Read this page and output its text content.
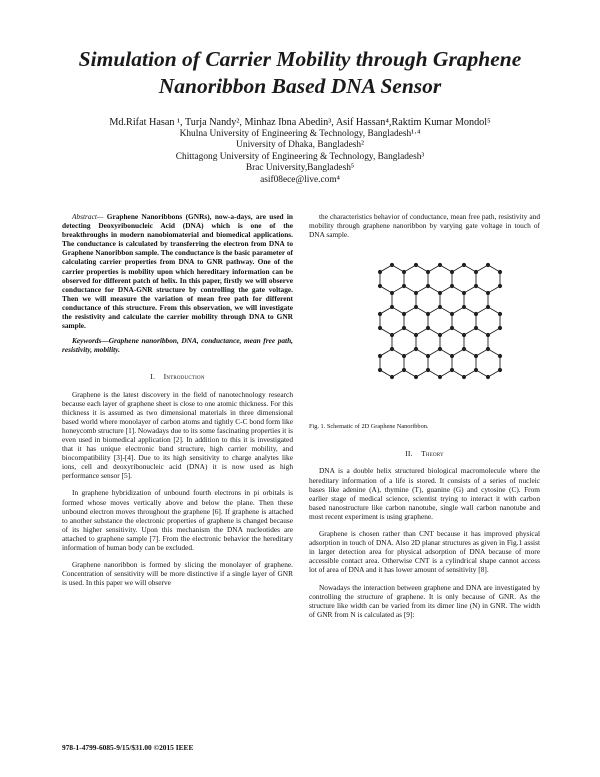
Simulation of Carrier Mobility through Graphene
Nanoribbon Based DNA Sensor
Md.Rifat Hasan ¹, Turja Nandy², Minhaz Ibna Abedin³, Asif Hassan⁴,Raktim Kumar Mondol⁵
Khulna University of Engineering & Technology, Bangladesh¹·⁴
University of Dhaka, Bangladesh²
Chittagong University of Engineering & Technology, Bangladesh³
Brac University,Bangladesh⁵
asif08ece@live.com⁴

Abstract— Graphene Nanoribbons (GNRs), now-a-days, are used in detecting Deoxyribonucleic Acid (DNA) which is one of the breakthroughs in modern nanobiomaterial and biomedical applications. The conductance is calculated by transferring the electron from DNA to Graphene Nanoribbon sample. The conductance is the basic parameter of calculating carrier properties from DNA to GNR pathway. One of the carrier properties is mobility upon which hereditary information can be observed for different patch of helix. In this paper, firstly we will observe conductance for DNA-GNR structure by controlling the gate voltage. Then we will measure the variation of mean free path for different conductance of this structure. From this observation, we will investigate the resistivity and calculate the carrier mobility through DNA to GNR sample.

Keywords—Graphene nanoribbon, DNA, conductance, mean free path, resistivity, mobility.

I. Introduction

Graphene is the latest discovery in the field of nanotechnology research because each layer of graphene sheet is close to one atomic thickness. For this thickness it is assumed as two dimensional materials in three dimensional based world where monolayer of carbon atoms and tightly C-C bond form like honeycomb structure [1]. Nowadays due to its some fascinating properties it is even used in biomedical application [2]. In addition to this it is investigated that it has unique electronic band structure, high carrier mobility, and biocompatibility [3]-[4]. Due to its high sensitivity to charge analytes like ions, cell and deoxyribonucleic acid (DNA) it is now used as high performance sensor [5].

In graphene hybridization of unbound fourth electrons in pi orbitals is formed whose moves vertically above and below the plane. Then these unbound electron moves throughout the graphene [6]. If graphene is attached to another substance the electronic properties of graphene is changed because of its higher sensitivity. Upon this mechanism the DNA nucleotides are attached to graphene sample [7]. From the electronic behavior the hereditary information of human body can be excluded.

Graphene nanoribbon is formed by slicing the monolayer of graphene. Concentration of sensitivity will be more distinctive if a single layer of GNR is used. In this paper we will observe

the characteristics behavior of conductance, mean free path, resistivity and mobility through graphene nanoribbon by varying gate voltage in touch of DNA sample.

Fig. 1. Schematic of 2D Graphene Nanoribbon.
II. Theory

DNA is a double helix structured biological macromolecule where the hereditary information of a life is stored. It consists of a series of nucleic bases like adenine (A), thymine (T), guanine (G) and cytosine (C). From earlier stage of medical science, scientist trying to interact it with carbon based nanostructure like carbon nanotube, single wall carbon nanotube and most recent experiment is using graphene.

Graphene is chosen rather than CNT because it has improved physical adsorption in touch of DNA. Also 2D planar structures as given in Fig.1 assist in larger detection area for physical adsorption of DNA because of more accessible contact area. Otherwise CNT is a cylindrical shape cannot access lot of area of DNA and it has lower amount of sensitivity [8].

Nowadays the interaction between graphene and DNA are investigated by controlling the structure of graphene. It is only because of GNR. As the structure like width can be varied from its dimer line (N) in GNR. The width of GNR from N is calculated as [9]:

978-1-4799-6085-9/15/$31.00 ©2015 IEEE
